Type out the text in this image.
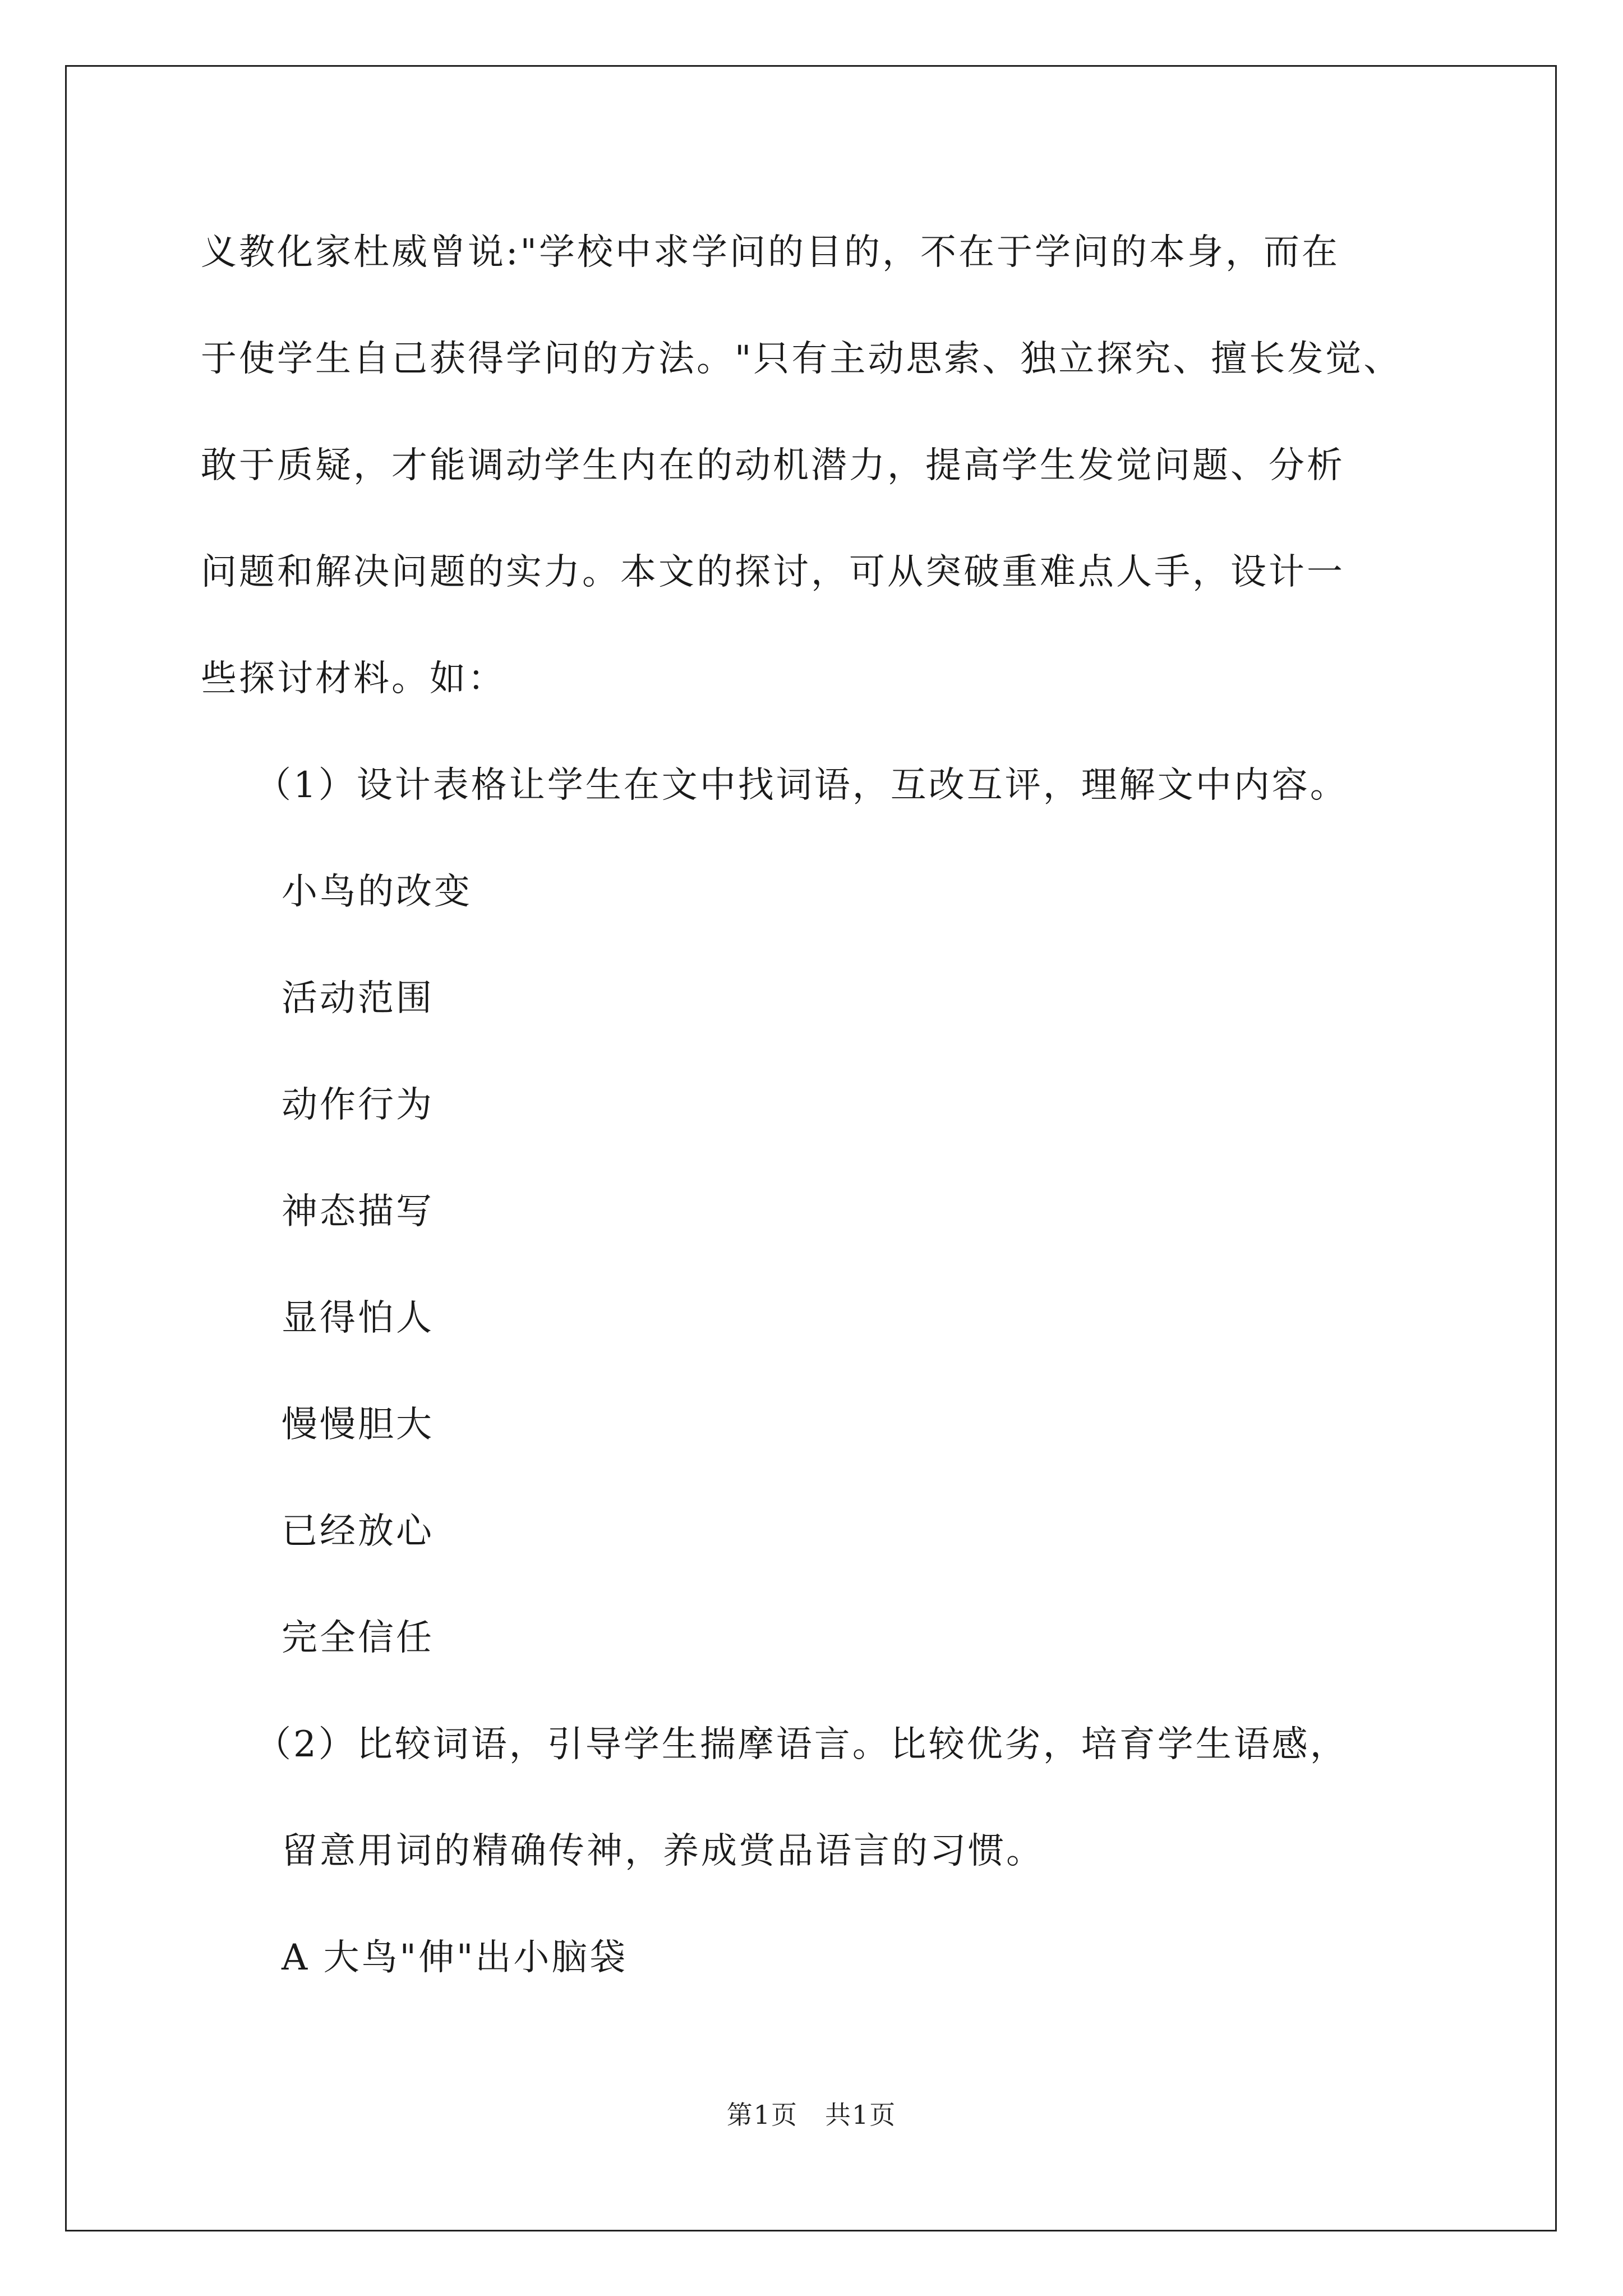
义教化家杜威曾说:"学校中求学问的目的，不在于学问的本身，而在
于使学生自己获得学问的方法。"只有主动思索、独立探究、擅长发觉、
敢于质疑，才能调动学生内在的动机潜力，提高学生发觉问题、分析
问题和解决问题的实力。本文的探讨，可从突破重难点人手，设计一
些探讨材料。如：
（1）设计表格让学生在文中找词语，互改互评，理解文中内容。
小鸟的改变
活动范围
动作行为
神态描写
显得怕人
慢慢胆大
已经放心
完全信任
（2）比较词语，引导学生揣摩语言。比较优劣，培育学生语感，
留意用词的精确传神，养成赏品语言的习惯。
A 大鸟"伸"出小脑袋
第1页　共1页
